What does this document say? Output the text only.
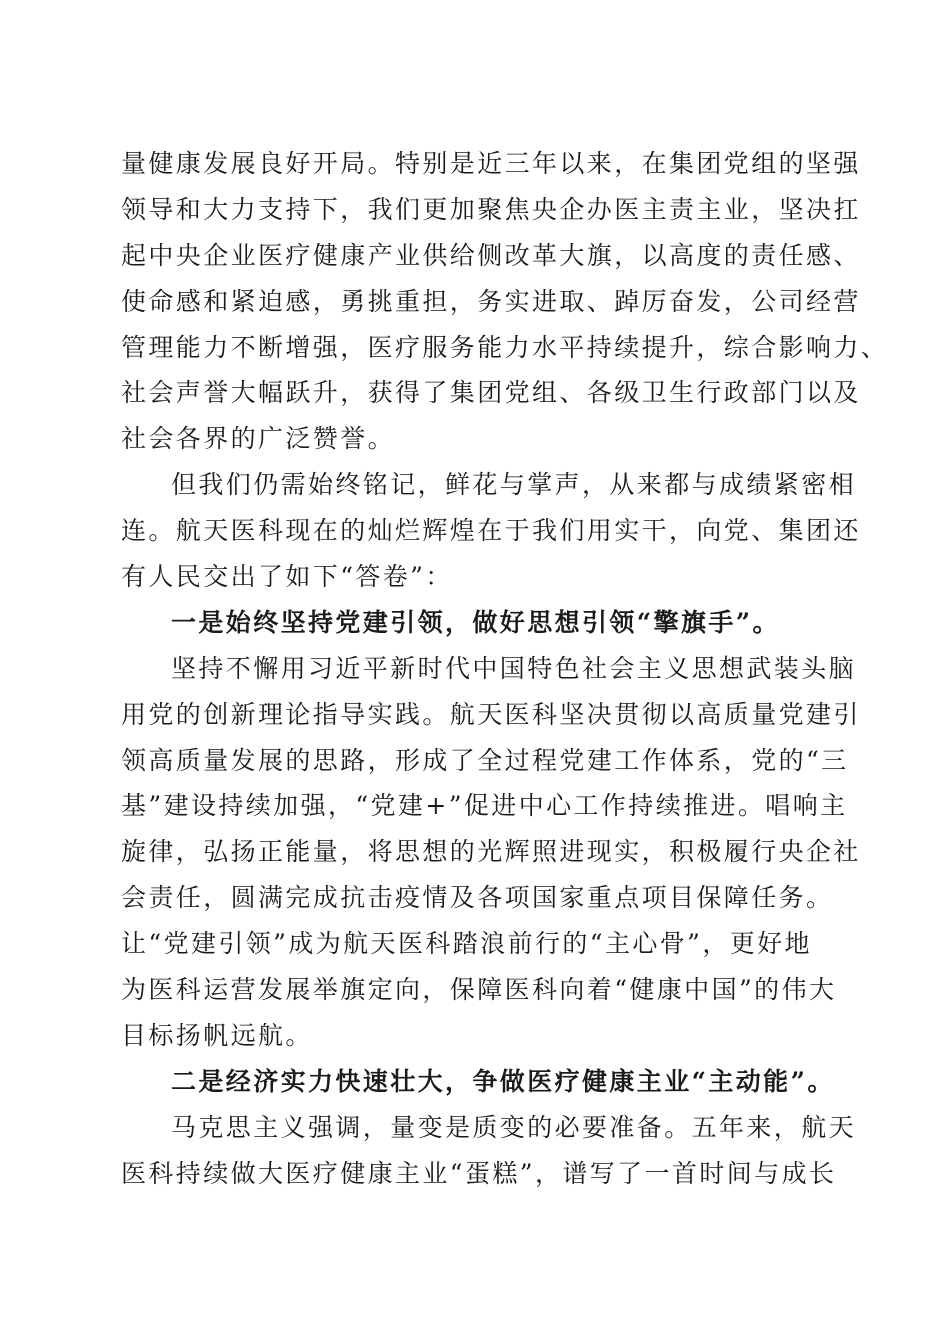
量健康发展良好开局。特别是近三年以来，在集团党组的坚强
领导和大力支持下，我们更加聚焦央企办医主责主业，坚决扛
起中央企业医疗健康产业供给侧改革大旗，以高度的责任感、
使命感和紧迫感，勇挑重担，务实进取、踔厉奋发，公司经营
管理能力不断增强，医疗服务能力水平持续提升，综合影响力、
社会声誉大幅跃升，获得了集团党组、各级卫生行政部门以及
社会各界的广泛赞誉。
但我们仍需始终铭记，鲜花与掌声，从来都与成绩紧密相
连。航天医科现在的灿烂辉煌在于我们用实干，向党、集团还
有人民交出了如下“答卷”：
一是始终坚持党建引领，做好思想引领“擎旗手”。
坚持不懈用习近平新时代中国特色社会主义思想武装头脑
用党的创新理论指导实践。航天医科坚决贯彻以高质量党建引
领高质量发展的思路，形成了全过程党建工作体系，党的“三
基”建设持续加强，“党建+”促进中心工作持续推进。唱响主
旋律，弘扬正能量，将思想的光辉照进现实，积极履行央企社
会责任，圆满完成抗击疫情及各项国家重点项目保障任务。
让“党建引领”成为航天医科踏浪前行的“主心骨”，更好地
为医科运营发展举旗定向，保障医科向着“健康中国”的伟大
目标扬帆远航。
二是经济实力快速壮大，争做医疗健康主业“主动能”。
马克思主义强调，量变是质变的必要准备。五年来，航天
医科持续做大医疗健康主业“蛋糕”，谱写了一首时间与成长
